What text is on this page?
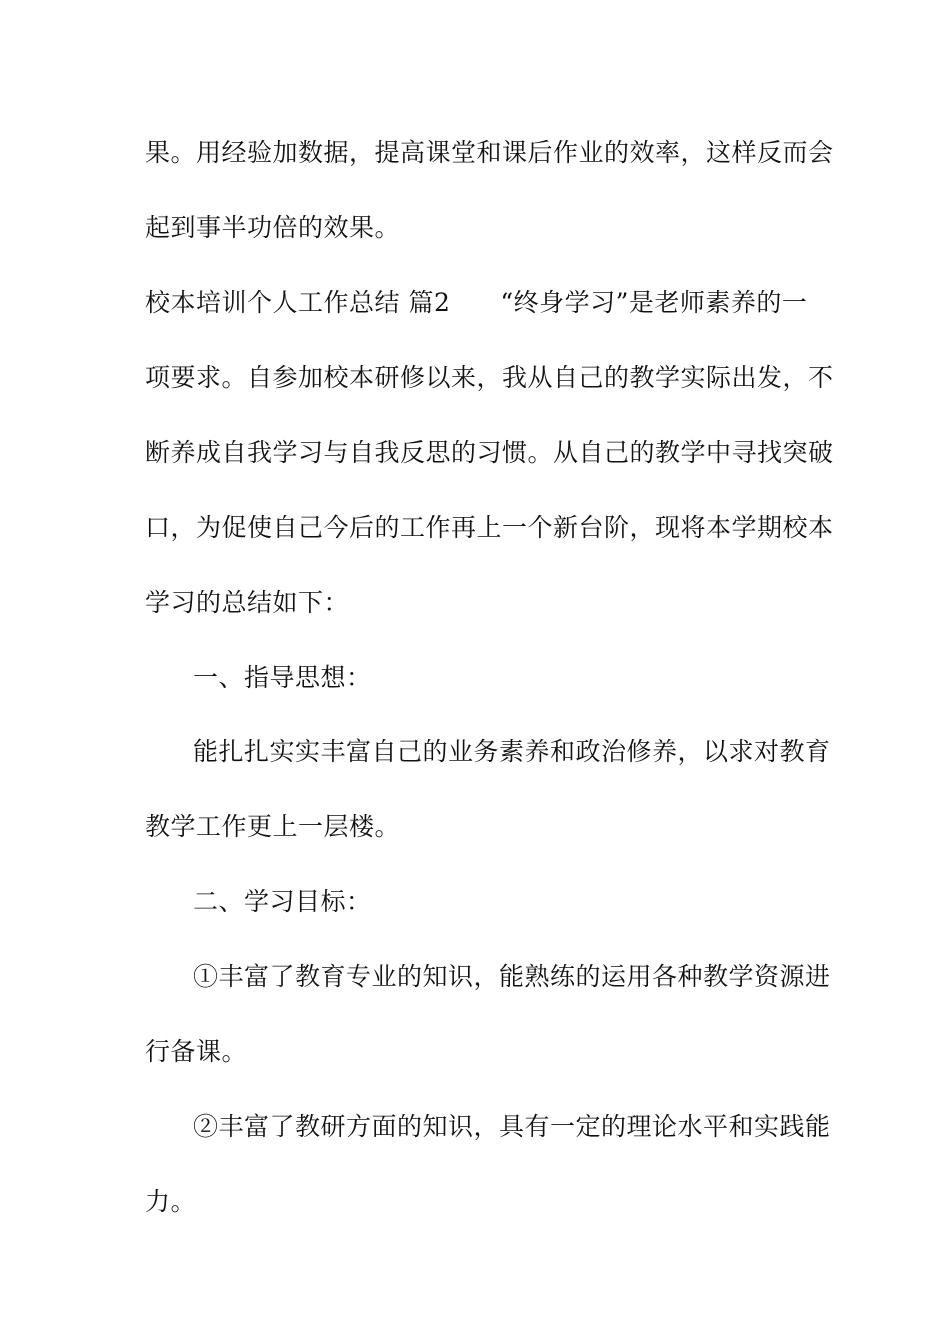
果。用经验加数据，提高课堂和课后作业的效率，这样反而会
起到事半功倍的效果。
校本培训个人工作总结 篇2 “终身学习”是老师素养的一
项要求。自参加校本研修以来，我从自己的教学实际出发，不
断养成自我学习与自我反思的习惯。从自己的教学中寻找突破
口，为促使自己今后的工作再上一个新台阶，现将本学期校本
学习的总结如下：
一、指导思想：
能扎扎实实丰富自己的业务素养和政治修养，以求对教育
教学工作更上一层楼。
二、学习目标：
①丰富了教育专业的知识，能熟练的运用各种教学资源进
行备课。
②丰富了教研方面的知识，具有一定的理论水平和实践能
力。
